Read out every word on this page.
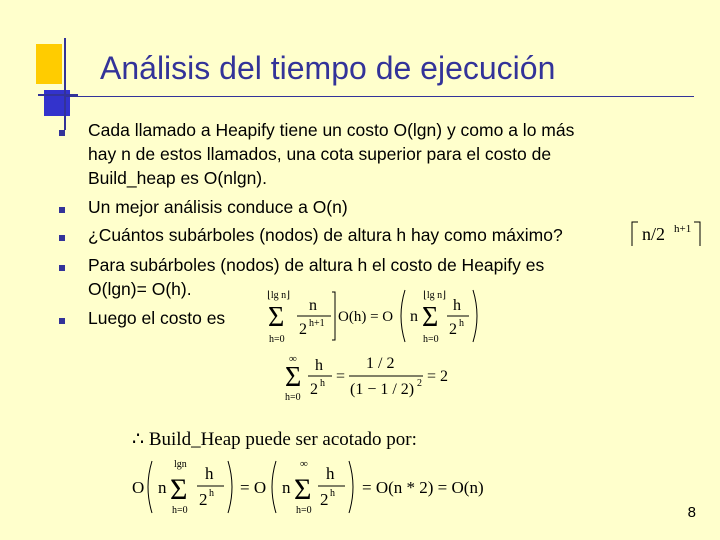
Análisis del tiempo de ejecución
Cada llamado a Heapify tiene un costo O(lgn) y como a lo más
hay n de estos llamados, una cota superior para el costo de
Build_heap es O(nlgn).
Un mejor análisis conduce a O(n)
¿Cuántos subárboles (nodos) de altura h hay como máximo?
Para subárboles (nodos) de altura h el costo de Heapify es
O(lgn)= O(h).
Luego el costo es
n/2 h+1
⌊lg n⌋
Σ
h=0
n
2 h+1 O(h) = O n
⌊lg n⌋
Σ
h=0
h
2 h
∞
Σ
h=0
h
2 h =
1 / 2
(1 − 1 / 2) 2 = 2
∴ Build_Heap puede ser acotado por:
O n
lgn
Σ
h=0
h
2 h = O n
∞
Σ
h=0
h
2 h = O(n * 2) = O(n)
8
